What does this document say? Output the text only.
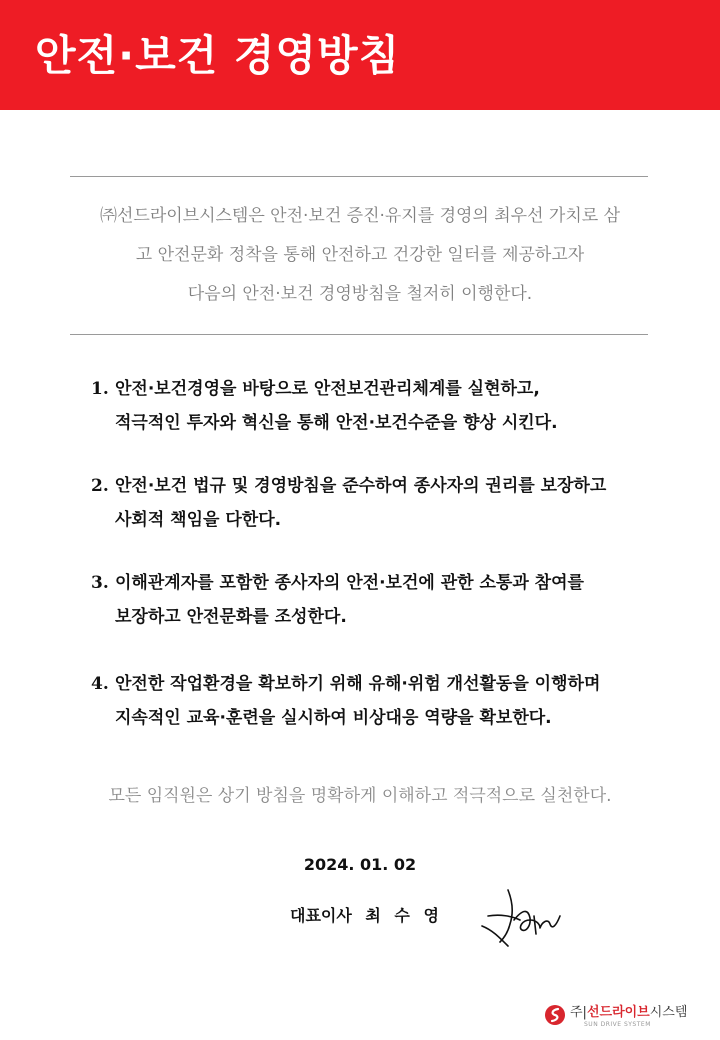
안전·보건 경영방침
㈜선드라이브시스템은 안전·보건 증진·유지를 경영의 최우선 가치로 삼
고 안전문화 정착을 통해 안전하고 건강한 일터를 제공하고자
다음의 안전·보건 경영방침을 철저히 이행한다.
1. 안전·보건경영을 바탕으로 안전보건관리체계를 실현하고,
적극적인 투자와 혁신을 통해 안전·보건수준을 향상 시킨다.
2. 안전·보건 법규 및 경영방침을 준수하여 종사자의 권리를 보장하고
사회적 책임을 다한다.
3. 이해관계자를 포함한 종사자의 안전·보건에 관한 소통과 참여를
보장하고 안전문화를 조성한다.
4. 안전한 작업환경을 확보하기 위해 유해·위험 개선활동을 이행하며
지속적인 교육·훈련을 실시하여 비상대응 역량을 확보한다.
모든 임직원은 상기 방침을 명확하게 이해하고 적극적으로 실천한다.
2024. 01. 02
대표이사 최 수 영
주|선드라이브시스템
SUN DRIVE SYSTEM
